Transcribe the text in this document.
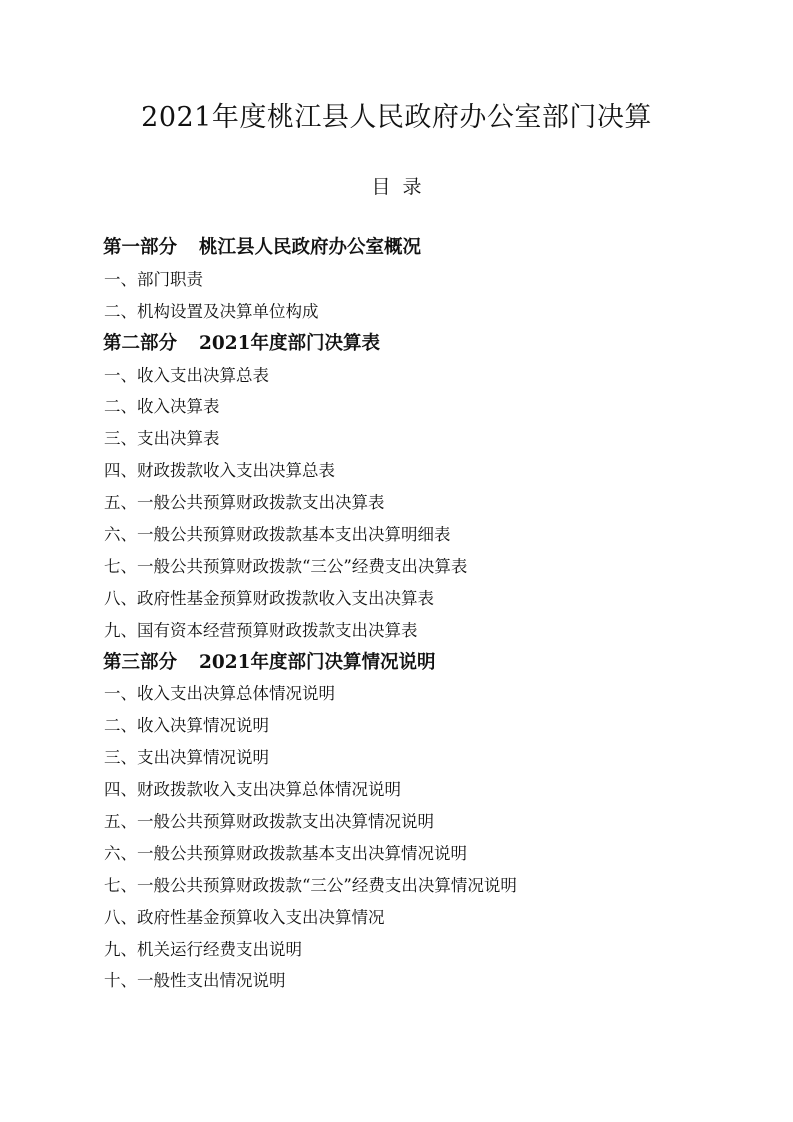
2021年度桃江县人民政府办公室部门决算
目  录
第一部分 桃江县人民政府办公室概况
一、部门职责
二、机构设置及决算单位构成
第二部分 2021年度部门决算表
一、收入支出决算总表
二、收入决算表
三、支出决算表
四、财政拨款收入支出决算总表
五、一般公共预算财政拨款支出决算表
六、一般公共预算财政拨款基本支出决算明细表
七、一般公共预算财政拨款“三公”经费支出决算表
八、政府性基金预算财政拨款收入支出决算表
九、国有资本经营预算财政拨款支出决算表
第三部分 2021年度部门决算情况说明
一、收入支出决算总体情况说明
二、收入决算情况说明
三、支出决算情况说明
四、财政拨款收入支出决算总体情况说明
五、一般公共预算财政拨款支出决算情况说明
六、一般公共预算财政拨款基本支出决算情况说明
七、一般公共预算财政拨款“三公”经费支出决算情况说明
八、政府性基金预算收入支出决算情况
九、机关运行经费支出说明
十、一般性支出情况说明
